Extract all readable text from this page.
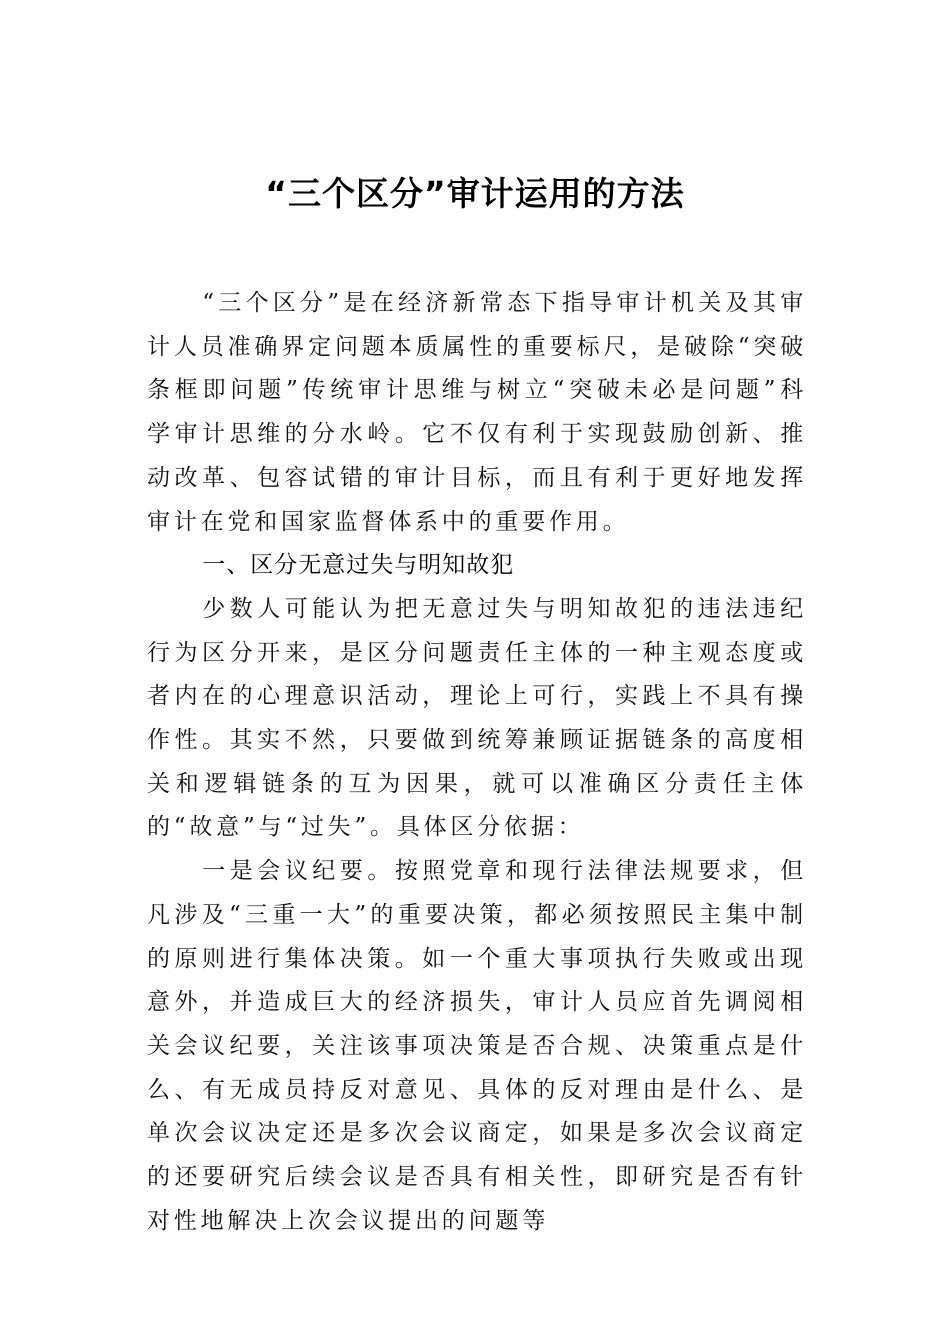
“三个区分”审计运用的方法

“三个区分”是在经济新常态下指导审计机关及其审计人员准确界定问题本质属性的重要标尺，是破除“突破条框即问题”传统审计思维与树立“突破未必是问题”科学审计思维的分水岭。它不仅有利于实现鼓励创新、推动改革、包容试错的审计目标，而且有利于更好地发挥审计在党和国家监督体系中的重要作用。

一、区分无意过失与明知故犯

少数人可能认为把无意过失与明知故犯的违法违纪行为区分开来，是区分问题责任主体的一种主观态度或者内在的心理意识活动，理论上可行，实践上不具有操作性。其实不然，只要做到统筹兼顾证据链条的高度相关和逻辑链条的互为因果，就可以准确区分责任主体的“故意”与“过失”。具体区分依据：

一是会议纪要。按照党章和现行法律法规要求，但凡涉及“三重一大”的重要决策，都必须按照民主集中制的原则进行集体决策。如一个重大事项执行失败或出现意外，并造成巨大的经济损失，审计人员应首先调阅相关会议纪要，关注该事项决策是否合规、决策重点是什么、有无成员持反对意见、具体的反对理由是什么、是单次会议决定还是多次会议商定，如果是多次会议商定的还要研究后续会议是否具有相关性，即研究是否有针对性地解决上次会议提出的问题等
